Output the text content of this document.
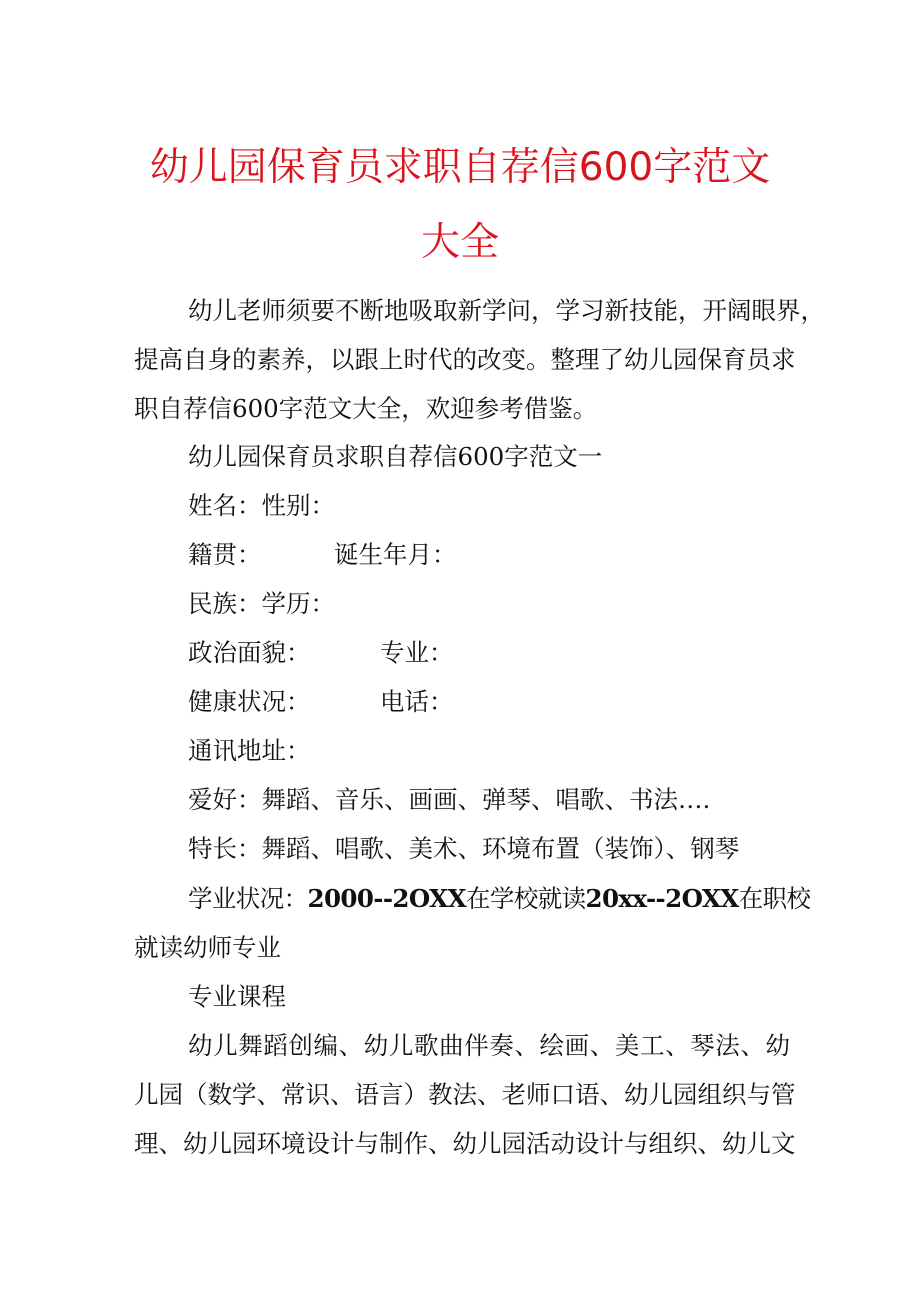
幼儿园保育员求职自荐信600字范文
大全
幼儿老师须要不断地吸取新学问，学习新技能，开阔眼界，
提高自身的素养，以跟上时代的改变。整理了幼儿园保育员求
职自荐信600字范文大全，欢迎参考借鉴。
幼儿园保育员求职自荐信600字范文一
姓名：性别：
籍贯：	诞生年月：
民族：学历：
政治面貌：	专业：
健康状况：	电话：
通讯地址：
爱好：舞蹈、音乐、画画、弹琴、唱歌、书法….
特长：舞蹈、唱歌、美术、环境布置（装饰）、钢琴
学业状况：2000--2OXX在学校就读20xx--2OXX在职校
就读幼师专业
专业课程
幼儿舞蹈创编、幼儿歌曲伴奏、绘画、美工、琴法、幼
儿园（数学、常识、语言）教法、老师口语、幼儿园组织与管
理、幼儿园环境设计与制作、幼儿园活动设计与组织、幼儿文
